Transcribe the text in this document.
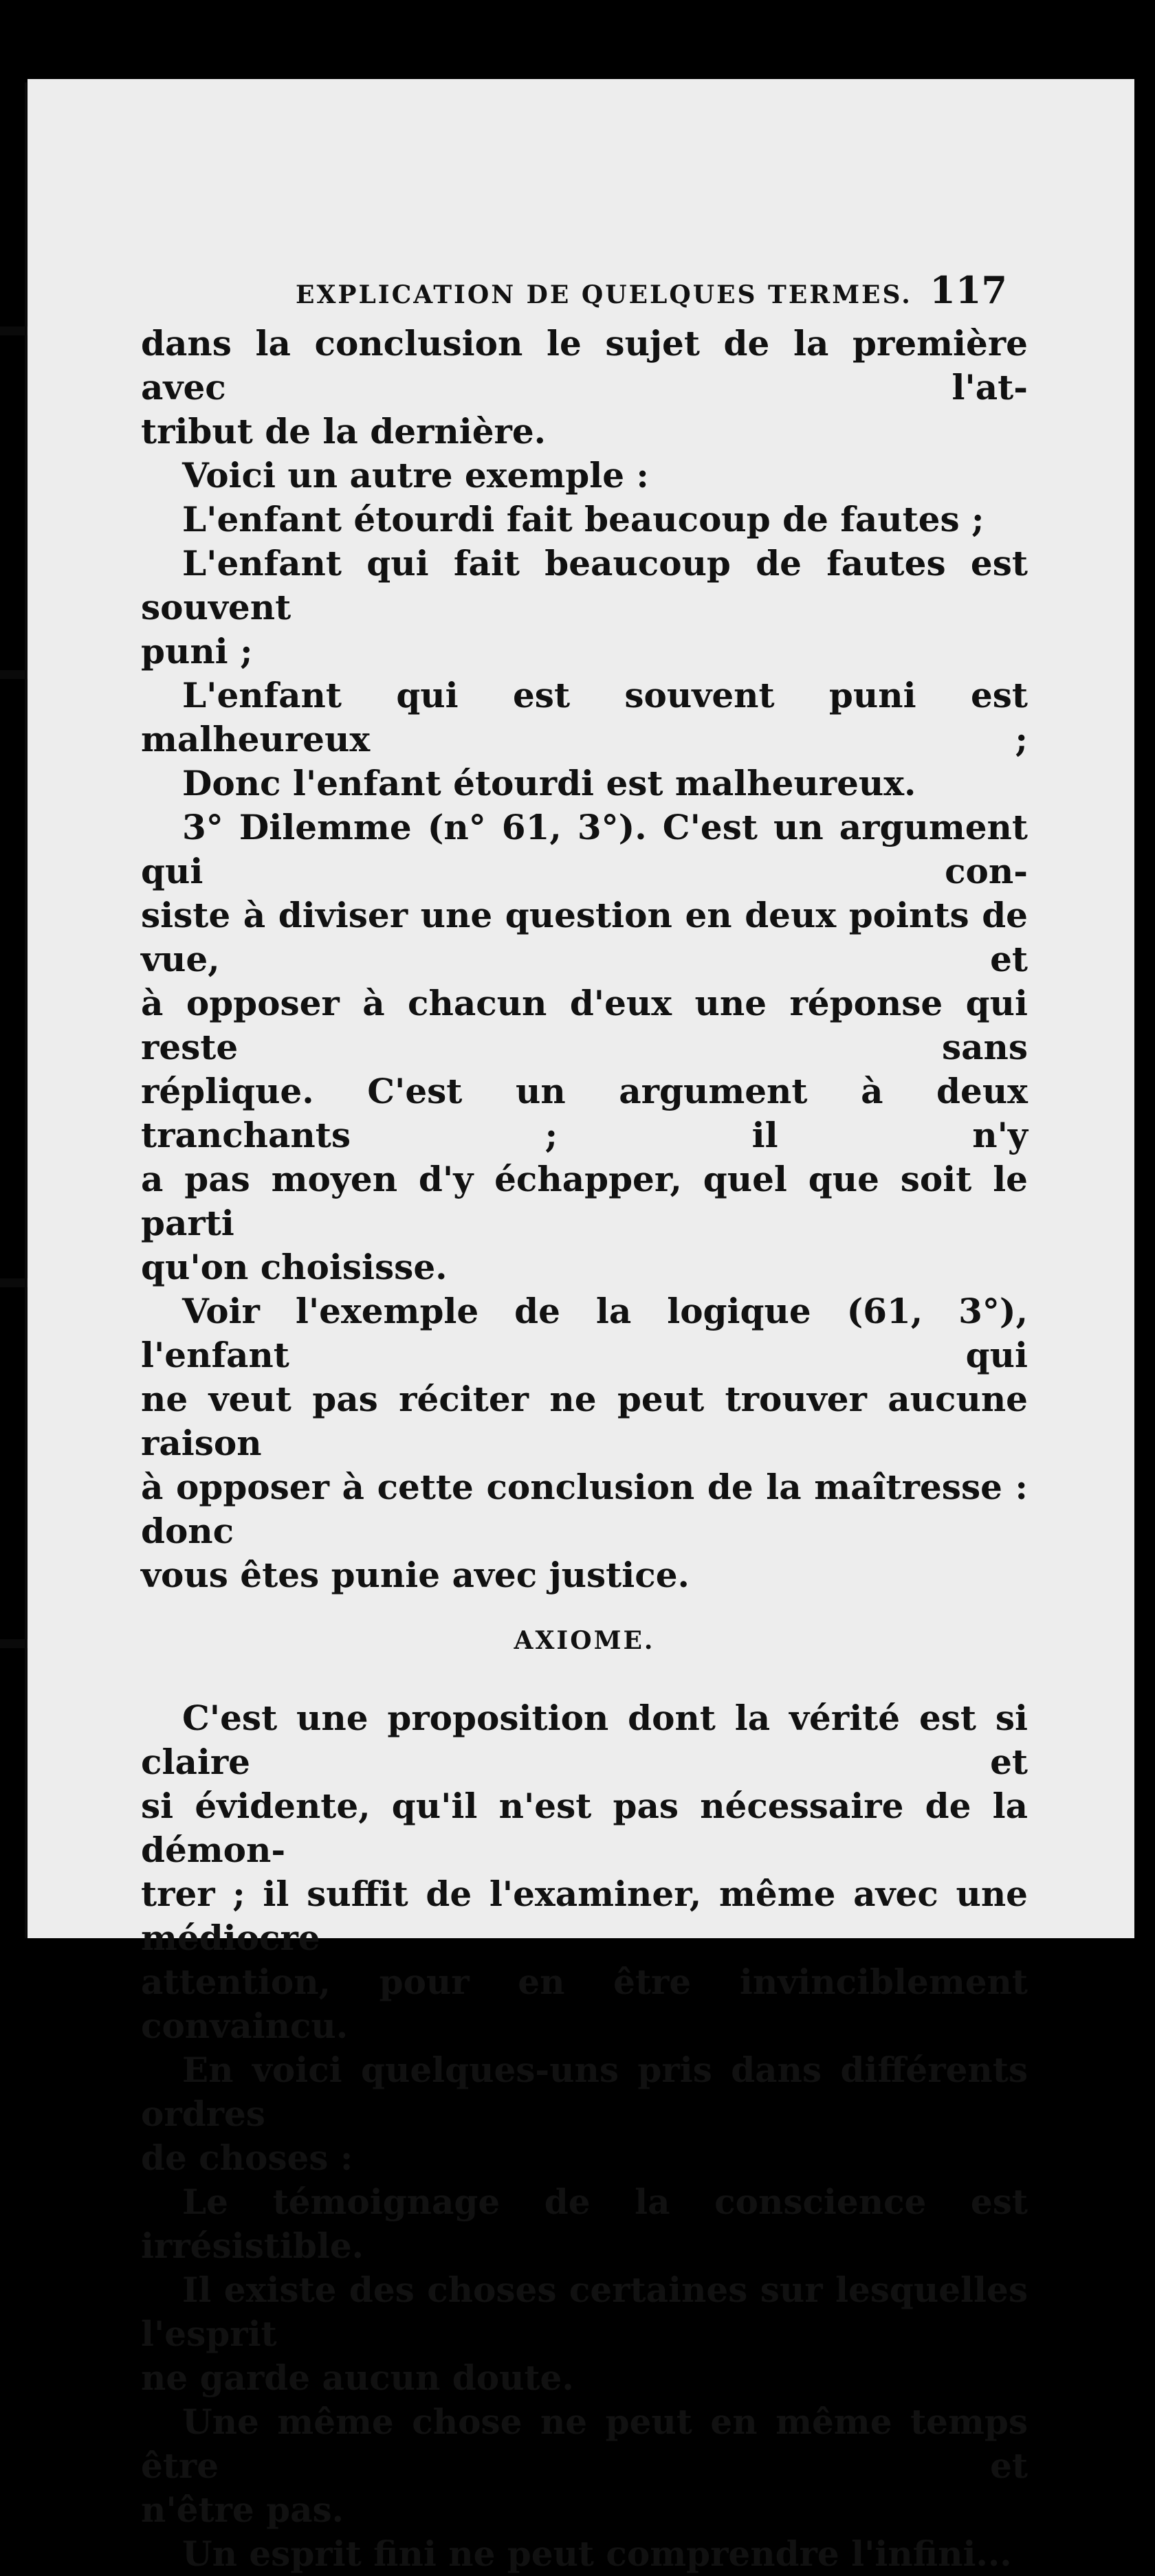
EXPLICATION DE QUELQUES TERMES. 117

dans la conclusion le sujet de la première avec l'at-

tribut de la dernière.

Voici un autre exemple :

L'enfant étourdi fait beaucoup de fautes ;

L'enfant qui fait beaucoup de fautes est souvent

puni ;

L'enfant qui est souvent puni est malheureux ;

Donc l'enfant étourdi est malheureux.

3° Dilemme (n° 61, 3°). C'est un argument qui con-

siste à diviser une question en deux points de vue, et

à opposer à chacun d'eux une réponse qui reste sans

réplique. C'est un argument à deux tranchants ; il n'y

a pas moyen d'y échapper, quel que soit le parti

qu'on choisisse.

Voir l'exemple de la logique (61, 3°), l'enfant qui

ne veut pas réciter ne peut trouver aucune raison

à opposer à cette conclusion de la maîtresse : donc

vous êtes punie avec justice.

AXIOME.

C'est une proposition dont la vérité est si claire et

si évidente, qu'il n'est pas nécessaire de la démon-

trer ; il suffit de l'examiner, même avec une médiocre

attention, pour en être invinciblement convaincu.

En voici quelques-uns pris dans différents ordres

de choses :

Le témoignage de la conscience est irrésistible.

Il existe des choses certaines sur lesquelles l'esprit

ne garde aucun doute.

Une même chose ne peut en même temps être et

n'être pas.

Un esprit fini ne peut comprendre l'infini...
